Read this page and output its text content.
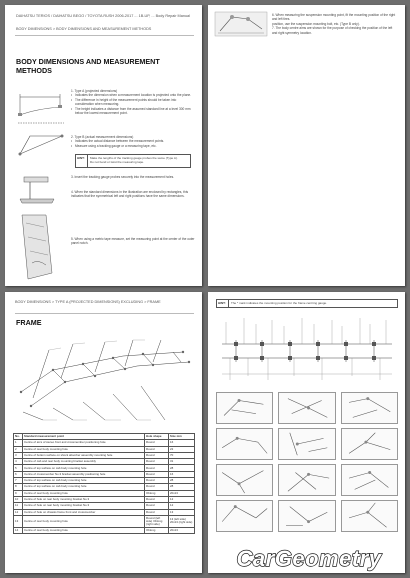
DAIHATSU TERIOS / DAIHATSU BEGO / TOYOTA RUSH 2006-2017 ... 1B-UP, ... Body Repair Manual
BODY DIMENSIONS > BODY DIMENSIONS AND MEASUREMENT METHODS
BODY DIMENSIONS AND MEASUREMENT
METHODS
1. Type A (projected dimensions)
• Indicates the dimension when a measurement location is projected onto the plane.
• The difference in height of the measurement points should be taken into consideration when measuring.
• The height indicates a distance from the assumed standard line at a level 300 mm below the lowest measurement point.
2. Type B (actual measurement dimensions)
• Indicates the actual distance between the measurement points.
• Measure using a tracking gauge or a measuring tape, etc.
HINT:	Make the lengths of the tracking gauge probes the same (Type A).
Do not bend or twist the measuring tape.
3. Insert the tracking gauge probes securely into the measurement holes.
4. When the standard dimensions in the illustration are enclosed by rectangles, this indicates that the symmetrical left and right positions have the same dimensions.
5. When using a metric tape measure, set the measuring point at the center of the outer panel notch.
6. When measuring the suspension mounting point, fit the mounting position of the right and left tires.
position, use the suspension mounting bolt, etc. (Type B only).
7. The body centre aims are shown for the purpose of checking the position of the left and right symmetry location.
BODY DIMENSIONS > TYPE A (PROJECTED DIMENSIONS) EXCLUDING > FRAME
FRAME
No.	Standard measurement point	Hole shape	Size mm
1	Centre of arcs of stereo front and crossmember positioning hole	Round	16
2	Centre of rear body mounting hole	Round	22
3	Centre of bottom surface on shock absorber assembly mounting hole	Round	70
4	Centre of cab and rear body mounting bracket assembly	Round	31
5	Centre of top surface on cab body mounting hole	Round	28
6	Centre of crossmember No.3 bracket assembly positioning hole	Round	16
7	Centre of top surface on cab body mounting hole	Round	28
8	Centre of top surface on cab body mounting hole	Round	28
9	Centre of rear body mounting hole	Oblong	20x13
10	Centre of hole on rear body mounting bracket No.3	Round	12
11	Centre of hole on rear body mounting bracket No.3	Round	12
12	Centre of hole on chassis frame front and crossmember	Round	13
13	Centre of rear body mounting hole	Round (left side) Oblong (right side)	13 (left side) 20x13 (right side)
14	Centre of rear body mounting hole	Oblong	20x13
HINT:	The * mark indicates the mounting position for the frame centring gauge.
CarGeometry
